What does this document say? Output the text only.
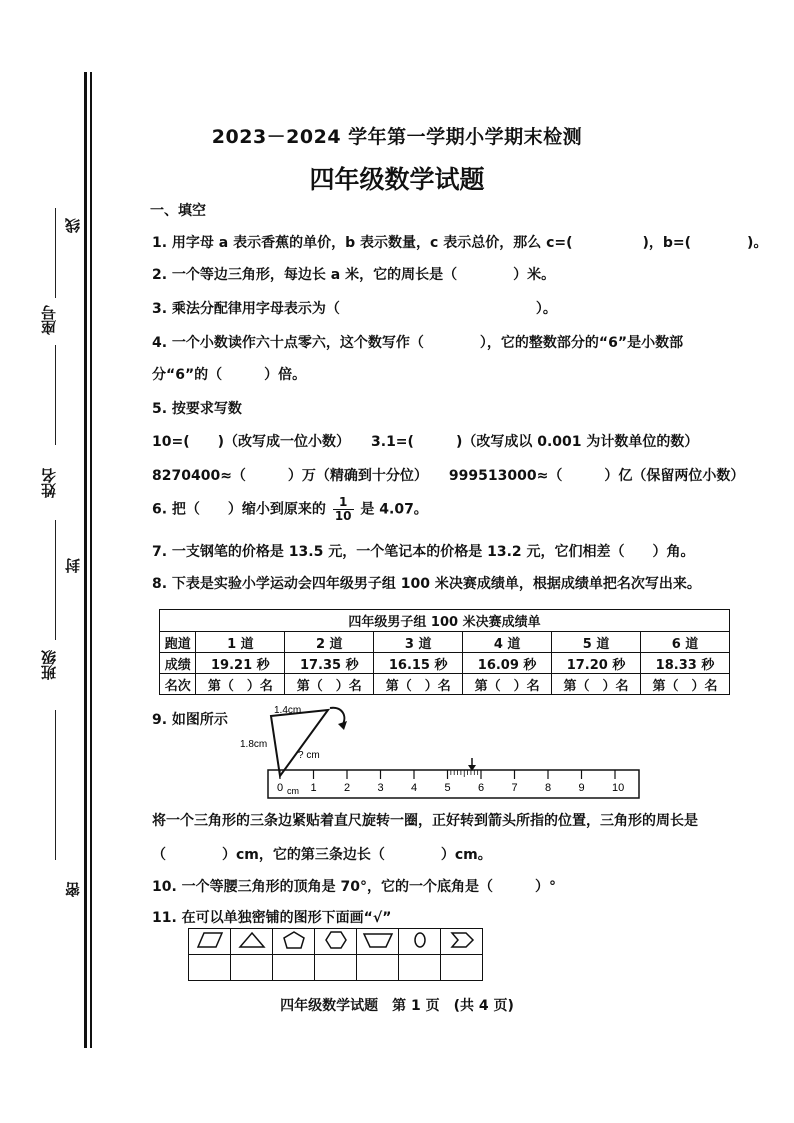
座号
线
姓名
封
班级
密
2023－2024 学年第一学期小学期末检测
四年级数学试题
一、填空
1. 用字母 a 表示香蕉的单价，b 表示数量，c 表示总价，那么 c=(　　　　　)，b=(　　　　)。
2. 一个等边三角形，每边长 a 米，它的周长是（　　　　）米。
3. 乘法分配律用字母表示为（　　　　　　　　　　　　　　）。
4. 一个小数读作六十点零六，这个数写作（　　　　），它的整数部分的“6”是小数部
分“6”的（　　　）倍。
5. 按要求写数
10=(　　)（改写成一位小数）　　3.1=(　　　)（改写成以 0.001 为计数单位的数）
8270400≈（　　　）万（精确到十分位）　　999513000≈（　　　）亿（保留两位小数）
6. 把（　　）缩小到原来的 $\frac{1}{10}$ 是 4.07。
7. 一支钢笔的价格是 13.5 元，一个笔记本的价格是 13.2 元，它们相差（　　）角。
8. 下表是实验小学运动会四年级男子组 100 米决赛成绩单，根据成绩单把名次写出来。
四年级男子组 100 米决赛成绩单						
跑道	1 道	2 道	3 道	4 道	5 道	6 道
成绩	19.21 秒	17.35 秒	16.15 秒	16.09 秒	17.20 秒	18.33 秒
名次	第（　）名	第（　）名	第（　）名	第（　）名	第（　）名	第（　）名
9. 如图所示
1.4cm
1.8cm
? cm
0 1 2 3 4 5 6 7 8 9 10
cm
将一个三角形的三条边紧贴着直尺旋转一圈，正好转到箭头所指的位置，三角形的周长是
（　　　　）cm，它的第三条边长（　　　　）cm。
10. 一个等腰三角形的顶角是 70°，它的一个底角是（　　　）°
11. 在可以单独密铺的图形下面画“√”

四年级数学试题　第 1 页　(共 4 页)
